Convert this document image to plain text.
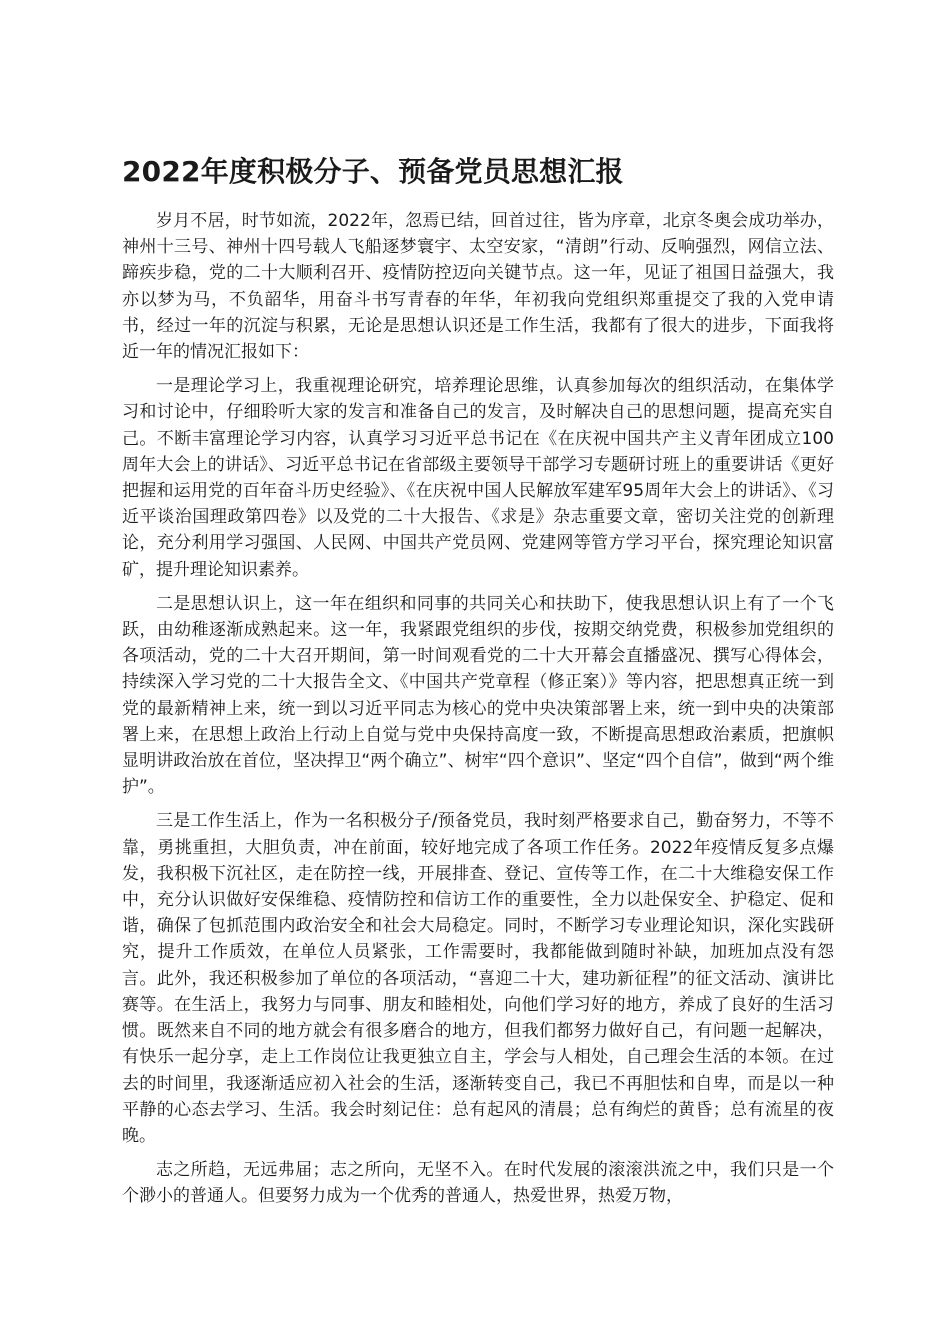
2022年度积极分子、预备党员思想汇报

岁月不居，时节如流，2022年，忽焉已结，回首过往，皆为序章，北京冬奥会成功举办，神州十三号、神州十四号载人飞船逐梦寰宇、太空安家，“清朗”行动、反响强烈，网信立法、蹄疾步稳，党的二十大顺利召开、疫情防控迈向关键节点。这一年，见证了祖国日益强大，我亦以梦为马，不负韶华，用奋斗书写青春的年华，年初我向党组织郑重提交了我的入党申请书，经过一年的沉淀与积累，无论是思想认识还是工作生活，我都有了很大的进步，下面我将近一年的情况汇报如下：

一是理论学习上，我重视理论研究，培养理论思维，认真参加每次的组织活动，在集体学习和讨论中，仔细聆听大家的发言和准备自己的发言，及时解决自己的思想问题，提高充实自己。不断丰富理论学习内容，认真学习习近平总书记在《在庆祝中国共产主义青年团成立100周年大会上的讲话》、习近平总书记在省部级主要领导干部学习专题研讨班上的重要讲话《更好把握和运用党的百年奋斗历史经验》、《在庆祝中国人民解放军建军95周年大会上的讲话》、《习近平谈治国理政第四卷》以及党的二十大报告、《求是》杂志重要文章，密切关注党的创新理论，充分利用学习强国、人民网、中国共产党员网、党建网等管方学习平台，探究理论知识富矿，提升理论知识素养。

二是思想认识上，这一年在组织和同事的共同关心和扶助下，使我思想认识上有了一个飞跃，由幼稚逐渐成熟起来。这一年，我紧跟党组织的步伐，按期交纳党费，积极参加党组织的各项活动，党的二十大召开期间，第一时间观看党的二十大开幕会直播盛况、撰写心得体会，持续深入学习党的二十大报告全文、《中国共产党章程（修正案）》等内容，把思想真正统一到党的最新精神上来，统一到以习近平同志为核心的党中央决策部署上来，统一到中央的决策部署上来，在思想上政治上行动上自觉与党中央保持高度一致，不断提高思想政治素质，把旗帜显明讲政治放在首位，坚决捍卫“两个确立”、树牢“四个意识”、坚定“四个自信”，做到“两个维护”。

三是工作生活上，作为一名积极分子/预备党员，我时刻严格要求自己，勤奋努力，不等不靠，勇挑重担，大胆负责，冲在前面，较好地完成了各项工作任务。2022年疫情反复多点爆发，我积极下沉社区，走在防控一线，开展排查、登记、宣传等工作，在二十大维稳安保工作中，充分认识做好安保维稳、疫情防控和信访工作的重要性，全力以赴保安全、护稳定、促和谐，确保了包抓范围内政治安全和社会大局稳定。同时，不断学习专业理论知识，深化实践研究，提升工作质效，在单位人员紧张，工作需要时，我都能做到随时补缺，加班加点没有怨言。此外，我还积极参加了单位的各项活动，“喜迎二十大，建功新征程”的征文活动、演讲比赛等。在生活上，我努力与同事、朋友和睦相处，向他们学习好的地方，养成了良好的生活习惯。既然来自不同的地方就会有很多磨合的地方，但我们都努力做好自己，有问题一起解决，有快乐一起分享，走上工作岗位让我更独立自主，学会与人相处，自己理会生活的本领。在过去的时间里，我逐渐适应初入社会的生活，逐渐转变自己，我已不再胆怯和自卑，而是以一种平静的心态去学习、生活。我会时刻记住：总有起风的清晨；总有绚烂的黄昏；总有流星的夜晚。

志之所趋，无远弗届；志之所向，无坚不入。在时代发展的滚滚洪流之中，我们只是一个个渺小的普通人。但要努力成为一个优秀的普通人，热爱世界，热爱万物，
